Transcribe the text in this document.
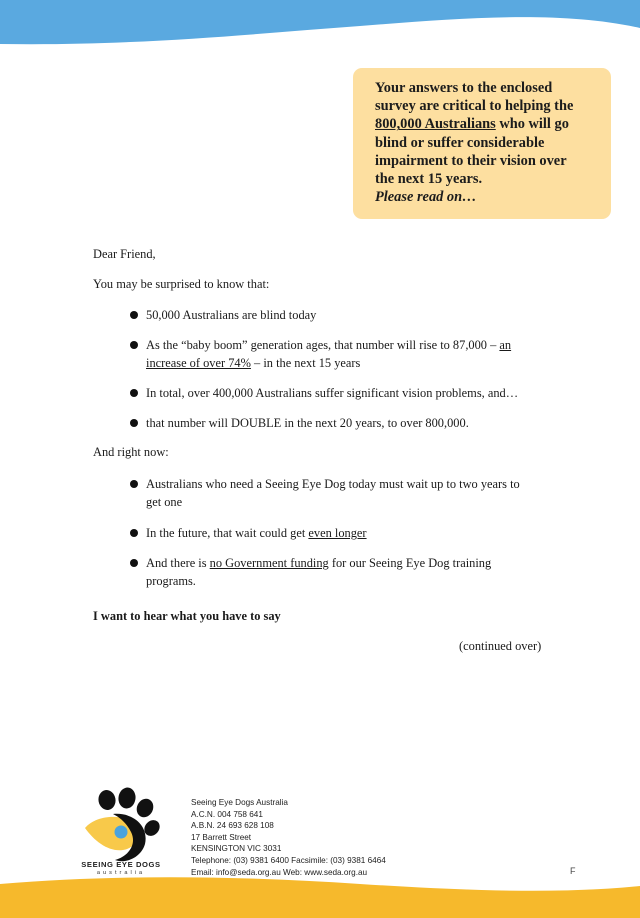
Your answers to the enclosed
survey are critical to helping the
800,000 Australians who will go
blind or suffer considerable
impairment to their vision over
the next 15 years.
Please read on…
Dear Friend,
You may be surprised to know that:
50,000 Australians are blind today
As the “baby boom” generation ages, that number will rise to 87,000 – an
increase of over 74% – in the next 15 years
In total, over 400,000 Australians suffer significant vision problems, and…
that number will DOUBLE in the next 20 years, to over 800,000.
And right now:
Australians who need a Seeing Eye Dog today must wait up to two years to
get one
In the future, that wait could get even longer
And there is no Government funding for our Seeing Eye Dog training
programs.
I want to hear what you have to say
(continued over)
SEEING EYE DOGS
australia
Seeing Eye Dogs Australia
A.C.N. 004 758 641
A.B.N. 24 693 628 108
17 Barrett Street
KENSINGTON VIC 3031
Telephone: (03) 9381 6400 Facsimile: (03) 9381 6464
Email: info@seda.org.au Web: www.seda.org.au	F
